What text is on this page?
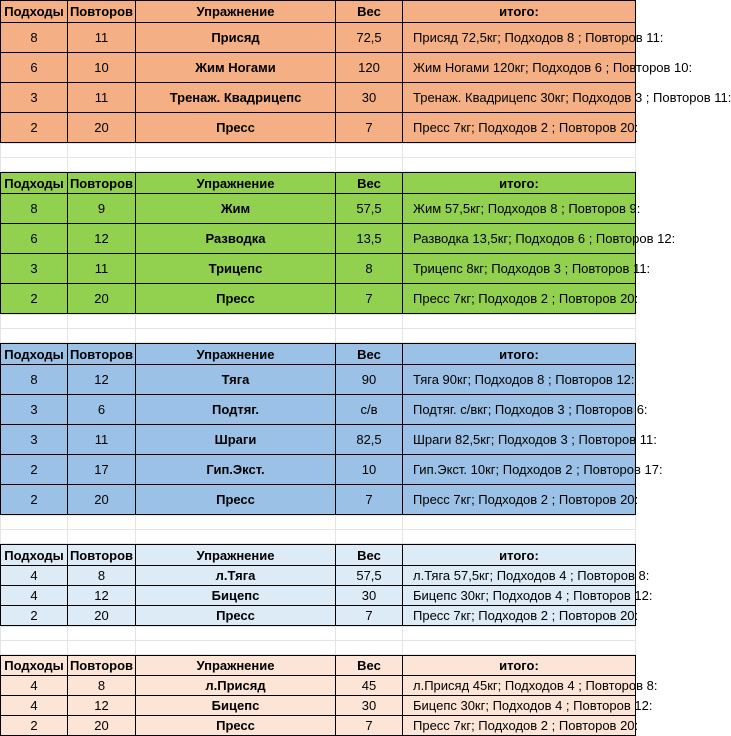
Подходы	Повторов	Упражнение	Вес	итого:
8	11	Присяд	72,5	Присяд 72,5кг; Подходов 8 ; Повторов 11:
6	10	Жим Ногами	120	Жим Ногами 120кг; Подходов 6 ; Повторов 10:
3	11	Тренаж. Квадрицепс	30	Тренаж. Квадрицепс 30кг; Подходов 3 ; Повторов 11:
2	20	Пресс	7	Пресс 7кг; Подходов 2 ; Повторов 20:

Подходы	Повторов	Упражнение	Вес	итого:
8	9	Жим	57,5	Жим 57,5кг; Подходов 8 ; Повторов 9:
6	12	Разводка	13,5	Разводка 13,5кг; Подходов 6 ; Повторов 12:
3	11	Трицепс	8	Трицепс 8кг; Подходов 3 ; Повторов 11:
2	20	Пресс	7	Пресс 7кг; Подходов 2 ; Повторов 20:

Подходы	Повторов	Упражнение	Вес	итого:
8	12	Тяга	90	Тяга 90кг; Подходов 8 ; Повторов 12:
3	6	Подтяг.	с/в	Подтяг. с/вкг; Подходов 3 ; Повторов 6:
3	11	Шраги	82,5	Шраги 82,5кг; Подходов 3 ; Повторов 11:
2	17	Гип.Экст.	10	Гип.Экст. 10кг; Подходов 2 ; Повторов 17:
2	20	Пресс	7	Пресс 7кг; Подходов 2 ; Повторов 20:

Подходы	Повторов	Упражнение	Вес	итого:
4	8	л.Тяга	57,5	л.Тяга 57,5кг; Подходов 4 ; Повторов 8:
4	12	Бицепс	30	Бицепс 30кг; Подходов 4 ; Повторов 12:
2	20	Пресс	7	Пресс 7кг; Подходов 2 ; Повторов 20:

Подходы	Повторов	Упражнение	Вес	итого:
4	8	л.Присяд	45	л.Присяд 45кг; Подходов 4 ; Повторов 8:
4	12	Бицепс	30	Бицепс 30кг; Подходов 4 ; Повторов 12:
2	20	Пресс	7	Пресс 7кг; Подходов 2 ; Повторов 20:
